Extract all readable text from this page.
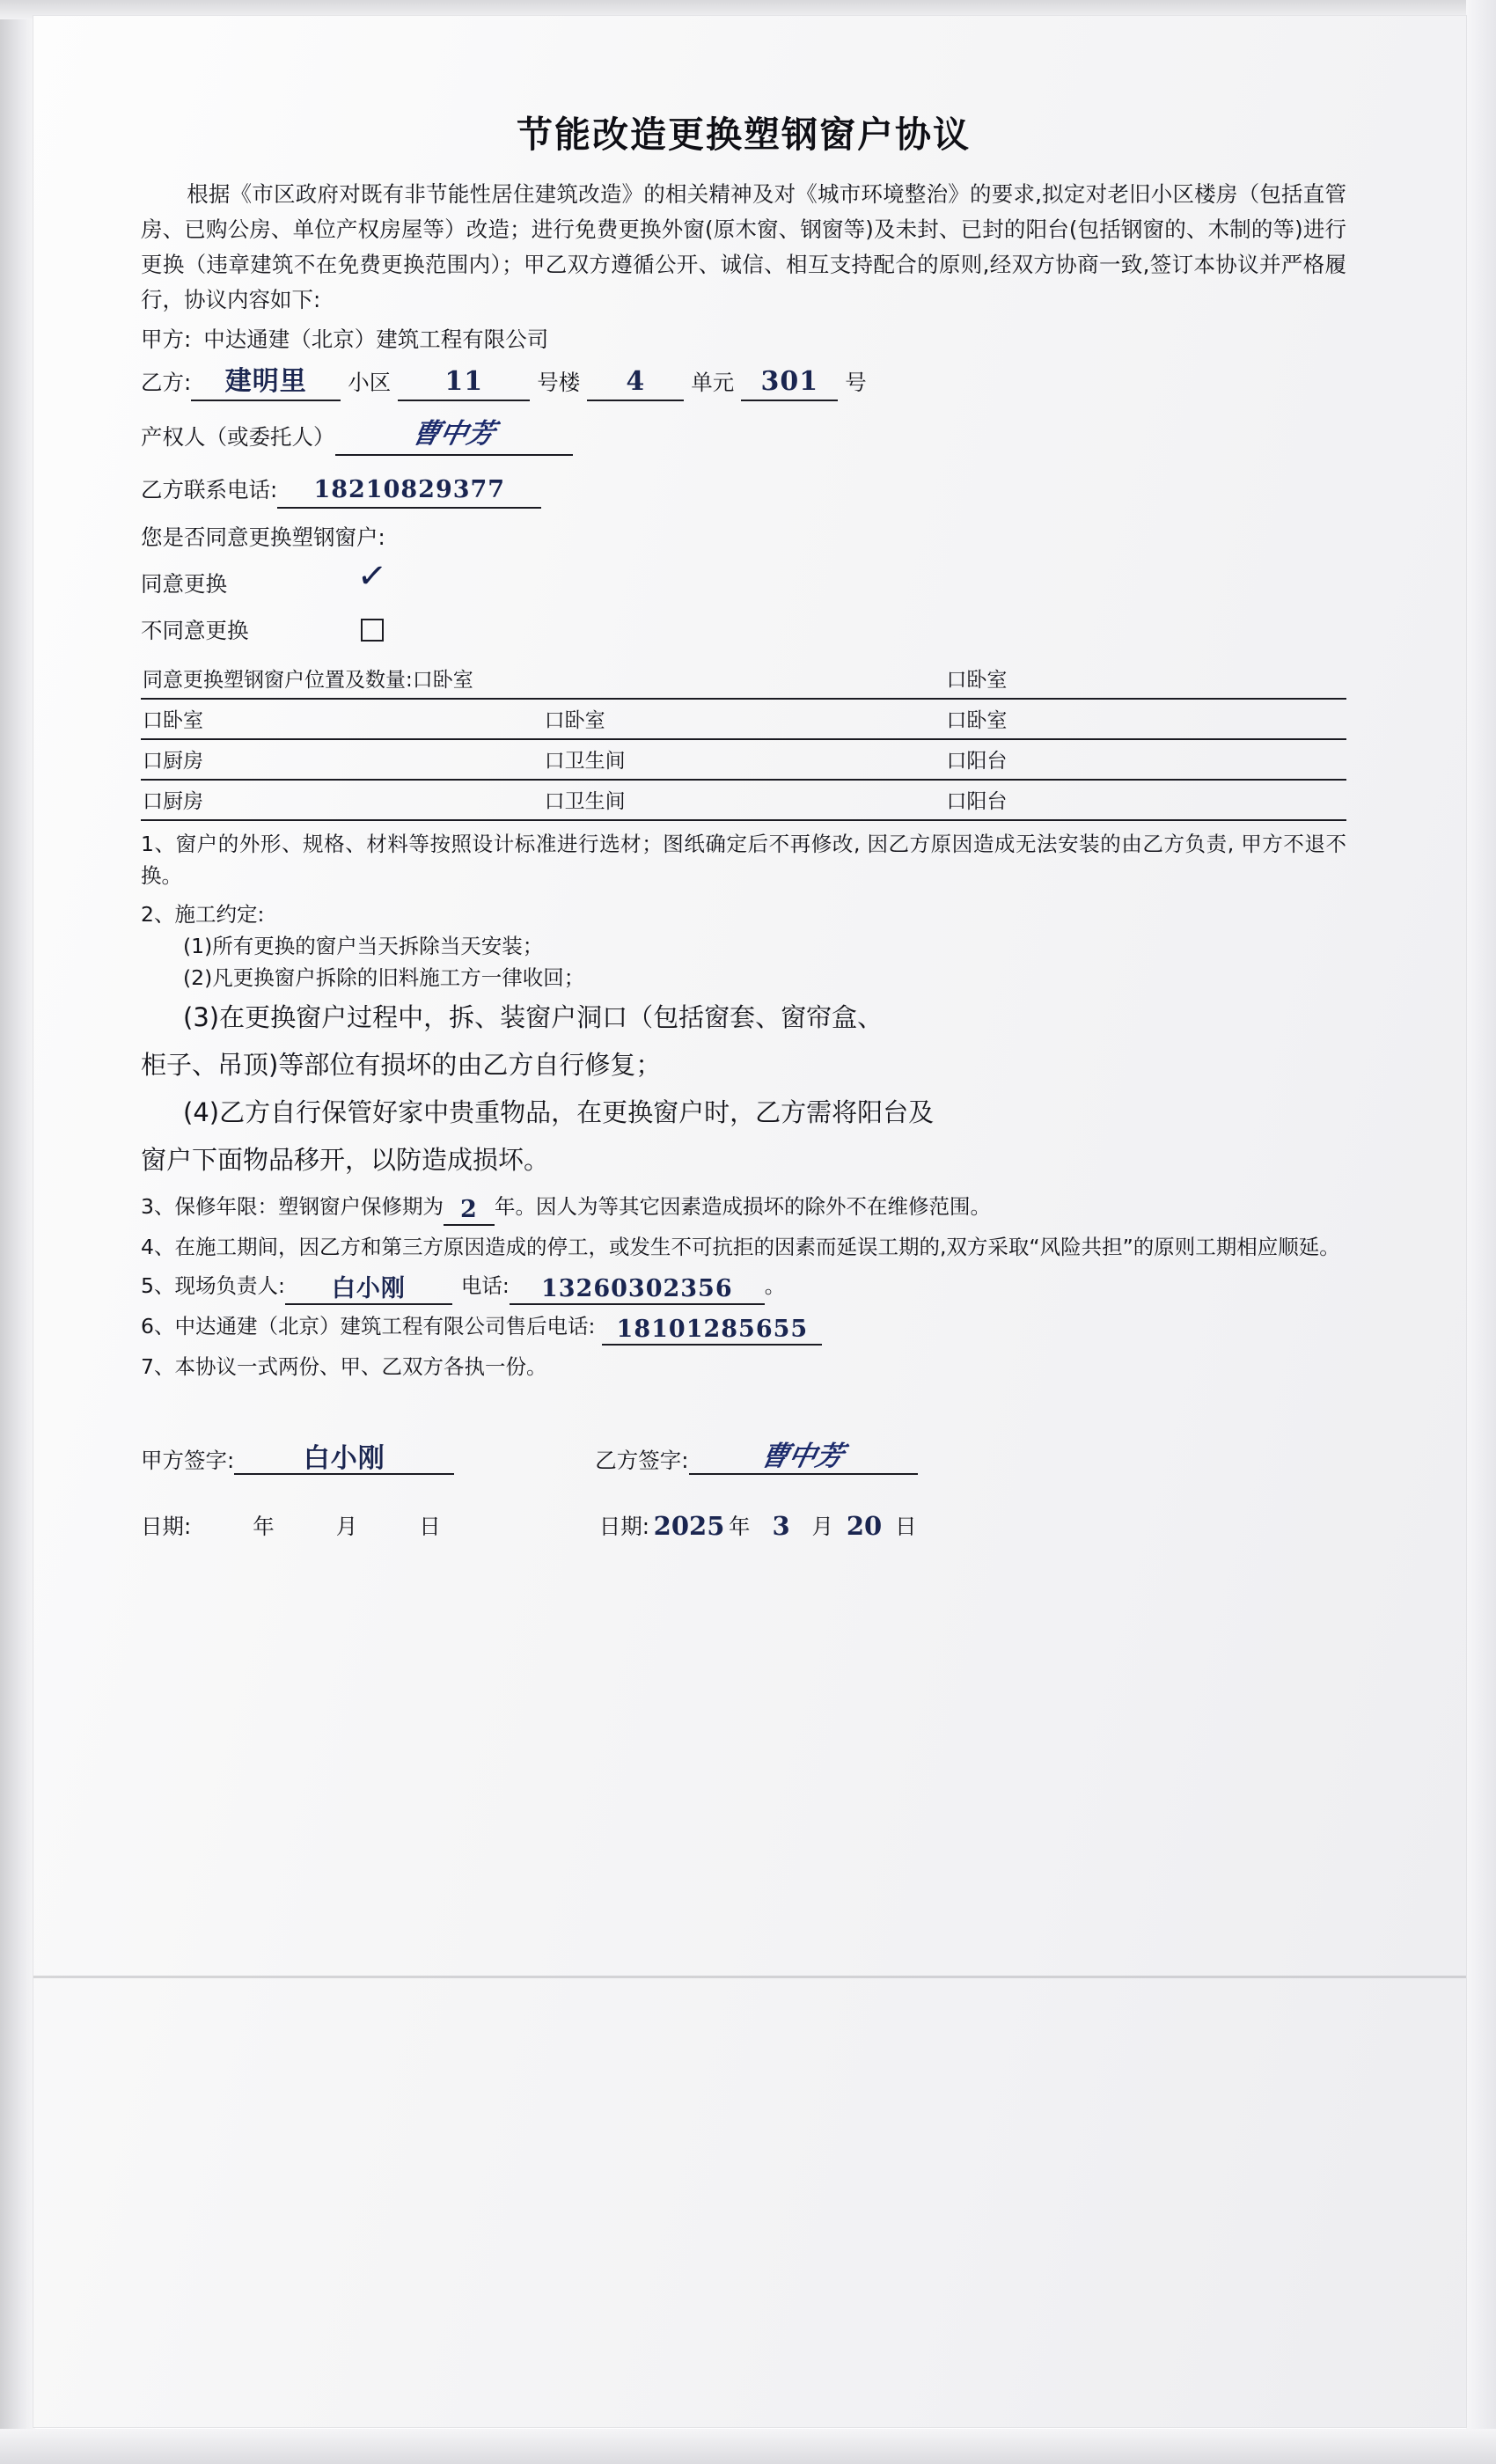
节能改造更换塑钢窗户协议

根据《市区政府对既有非节能性居住建筑改造》的相关精神及对《城市环境整治》的要求,拟定对老旧小区楼房（包括直管房、已购公房、单位产权房屋等）改造；进行免费更换外窗(原木窗、钢窗等)及未封、已封的阳台(包括钢窗的、木制的等)进行更换（违章建筑不在免费更换范围内）；甲乙双方遵循公开、诚信、相互支持配合的原则,经双方协商一致,签订本协议并严格履行，协议内容如下:

甲方: 中达通建（北京）建筑工程有限公司
乙方:	建明里	小区	11	号楼	4	单元	301	号
产权人（或委托人）	曹中芳
乙方联系电话:	18210829377
您是否同意更换塑钢窗户:
同意更换	✓
不同意更换
同意更换塑钢窗户位置及数量:口卧室		口卧室
口卧室	口卧室	口卧室
口厨房	口卫生间	口阳台
口厨房	口卫生间	口阳台
1、窗户的外形、规格、材料等按照设计标准进行选材；图纸确定后不再修改, 因乙方原因造成无法安装的由乙方负责, 甲方不退不换。
2、施工约定:
(1)所有更换的窗户当天拆除当天安装；
(2)凡更换窗户拆除的旧料施工方一律收回；
(3)在更换窗户过程中，拆、装窗户洞口（包括窗套、窗帘盒、
柜子、吊顶)等部位有损坏的由乙方自行修复；
(4)乙方自行保管好家中贵重物品，在更换窗户时，乙方需将阳台及
窗户下面物品移开，以防造成损坏。
3、保修年限：塑钢窗户保修期为 2 年。因人为等其它因素造成损坏的除外不在维修范围。
4、在施工期间，因乙方和第三方原因造成的停工，或发生不可抗拒的因素而延误工期的,双方采取“风险共担”的原则工期相应顺延。
5、现场负责人: 白小刚	电话: 13260302356 。
6、中达通建（北京）建筑工程有限公司售后电话: 18101285655
7、本协议一式两份、甲、乙双方各执一份。
甲方签字:	白小刚	乙方签字:	曹中芳
日期:	年	月	日	日期: 2025 年 3	月 20 日
